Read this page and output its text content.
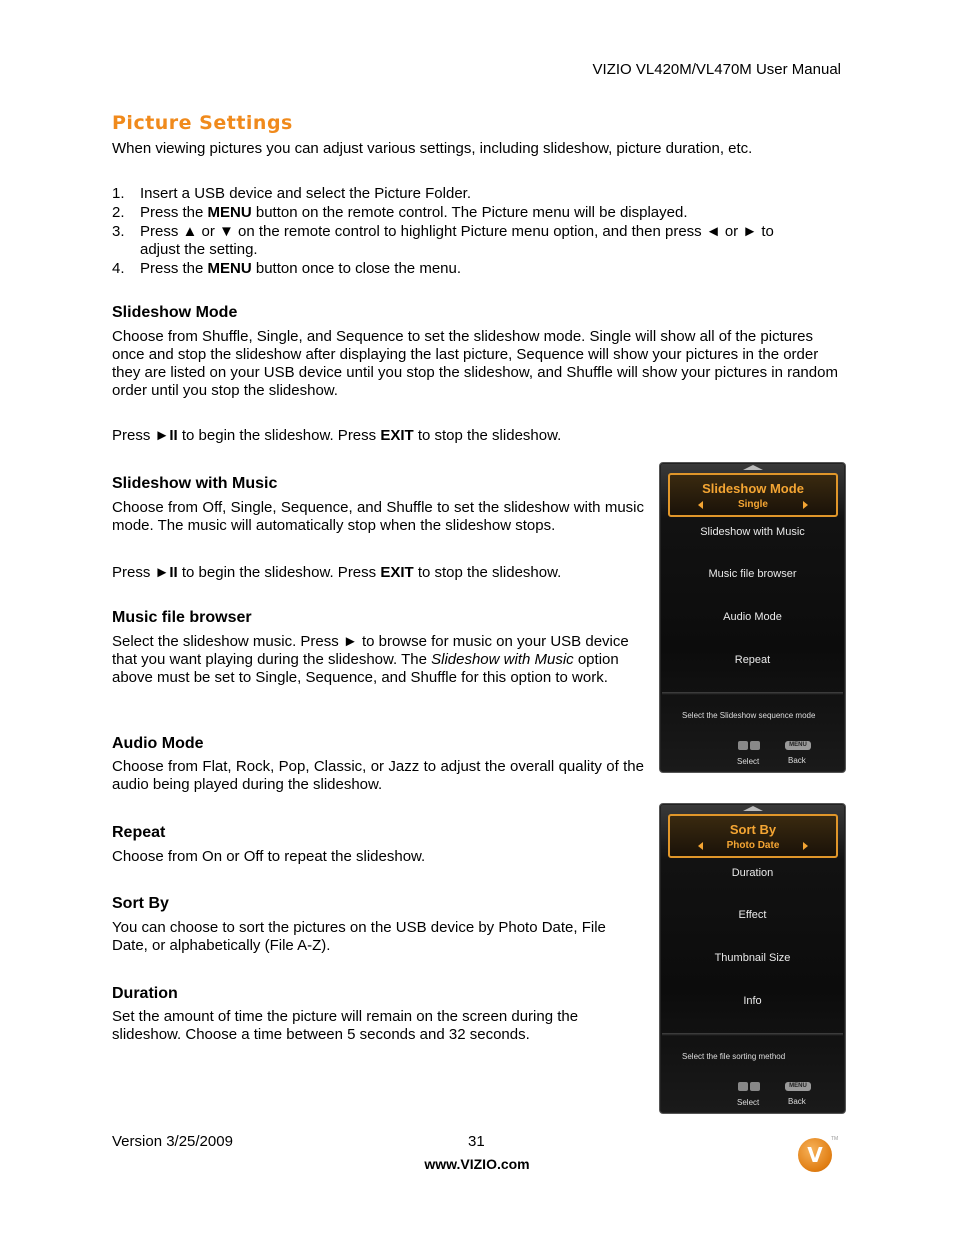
VIZIO VL420M/VL470M User Manual
Picture Settings

When viewing pictures you can adjust various settings, including slideshow, picture duration, etc.

1. Insert a USB device and select the Picture Folder.
2. Press the MENU button on the remote control. The Picture menu will be displayed.
3. Press ▲ or ▼ on the remote control to highlight Picture menu option, and then press ◄ or ► to adjust the setting.
4. Press the MENU button once to close the menu.
Slideshow Mode

Choose from Shuffle, Single, and Sequence to set the slideshow mode. Single will show all of the pictures once and stop the slideshow after displaying the last picture, Sequence will show your pictures in the order they are listed on your USB device until you stop the slideshow, and Shuffle will show your pictures in random order until you stop the slideshow.

Press ►II to begin the slideshow. Press EXIT to stop the slideshow.

Slideshow with Music

Choose from Off, Single, Sequence, and Shuffle to set the slideshow with music mode. The music will automatically stop when the slideshow stops.

Press ►II to begin the slideshow. Press EXIT to stop the slideshow.

Music file browser

Select the slideshow music. Press ► to browse for music on your USB device that you want playing during the slideshow. The Slideshow with Music option above must be set to Single, Sequence, and Shuffle for this option to work.

Audio Mode

Choose from Flat, Rock, Pop, Classic, or Jazz to adjust the overall quality of the audio being played during the slideshow.

Repeat

Choose from On or Off to repeat the slideshow.

Sort By

You can choose to sort the pictures on the USB device by Photo Date, File Date, or alphabetically (File A-Z).

Duration

Set the amount of time the picture will remain on the screen during the slideshow. Choose a time between 5 seconds and 32 seconds.

Slideshow Mode
Single
Slideshow with Music
Music file browser
Audio Mode
Repeat
Select the Slideshow sequence mode
Select
MENU
Back
Sort By
Photo Date
Duration
Effect
Thumbnail Size
Info
Select the file sorting method
Select
MENU
Back
Version 3/25/2009	31
www.VIZIO.com	V
TM
